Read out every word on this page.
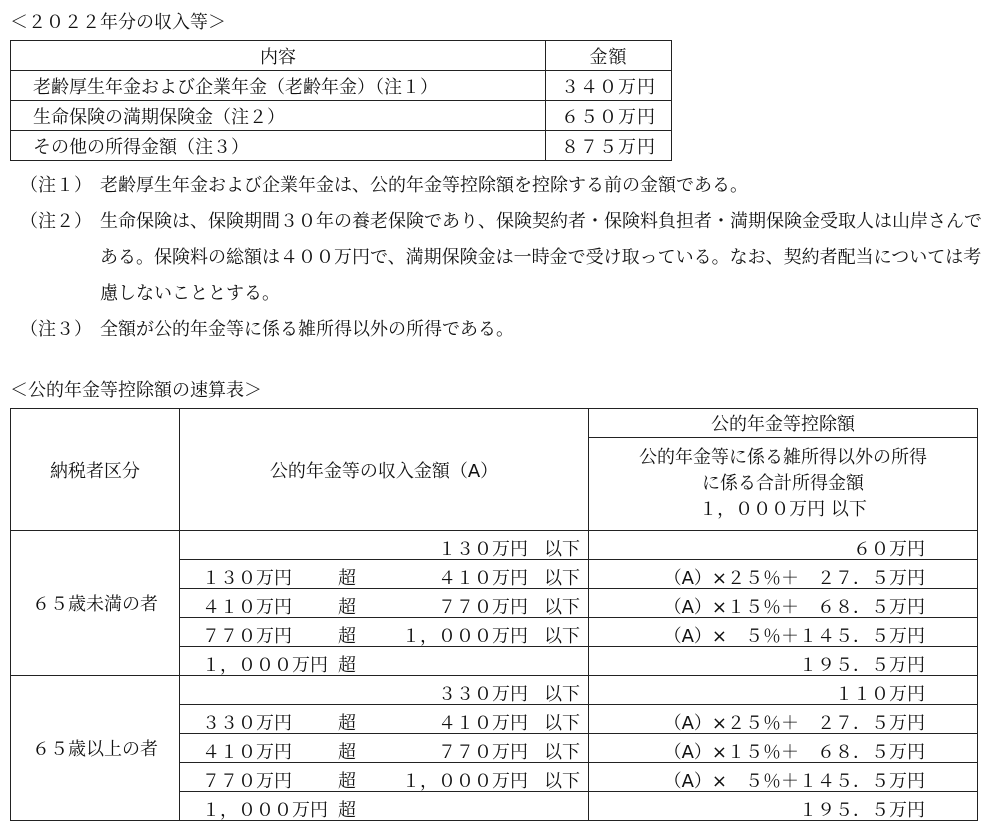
＜２０２２年分の収入等＞
内容	金額
老齢厚生年金および企業年金（老齢年金）（注１）	３４０万円
生命保険の満期保険金（注２）	６５０万円
その他の所得金額（注３）	８７５万円
（注１） 老齢厚生年金および企業年金は、公的年金等控除額を控除する前の金額である。
（注２） 生命保険は、保険期間３０年の養老保険であり、保険契約者・保険料負担者・満期保険金受取人は山岸さんである。保険料の総額は４００万円で、満期保険金は一時金で受け取っている。なお、契約者配当については考慮しないこととする。
（注３） 全額が公的年金等に係る雑所得以外の所得である。
＜公的年金等控除額の速算表＞
納税者区分	公的年金等の収入金額（A）	公的年金等控除額

		公的年金等に係る雑所得以外の所得
に係る合計所得金額
１，０００万円 以下

６５歳未満の者	１３０万円 以下	６０万円

	１３０万円 超 ４１０万円 以下	（A）×２５％＋　２７．５万円

	４１０万円 超 ７７０万円 以下	（A）×１５％＋　６８．５万円

	７７０万円 超 １，０００万円 以下	（A）×　５％＋１４５．５万円

	１，０００万円 超	１９５．５万円

６５歳以上の者	３３０万円 以下	１１０万円

	３３０万円 超 ４１０万円 以下	（A）×２５％＋　２７．５万円

	４１０万円 超 ７７０万円 以下	（A）×１５％＋　６８．５万円

	７７０万円 超 １，０００万円 以下	（A）×　５％＋１４５．５万円

	１，０００万円 超	１９５．５万円
